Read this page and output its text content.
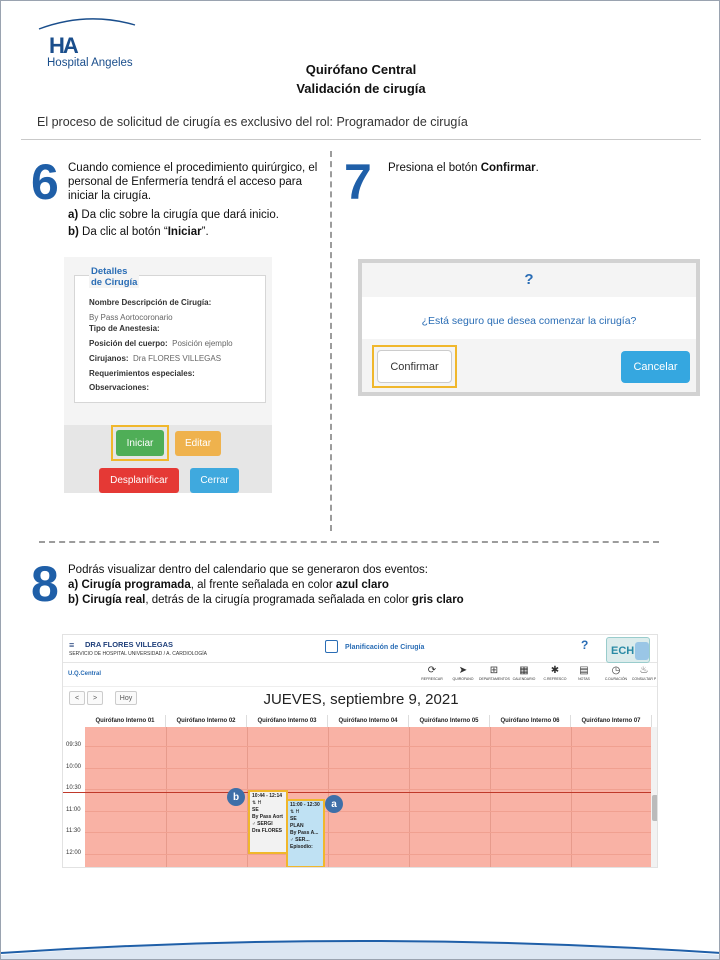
HA
Hospital Angeles	Quirófano Central
Validación de cirugía
El proceso de solicitud de cirugía es exclusivo del rol: Programador de cirugía
6 Cuando comience el procedimiento quirúrgico, el personal de Enfermería tendrá el acceso para iniciar la cirugía.
a) Da clic sobre la cirugía que dará inicio.
b) Da clic al botón “Iniciar”.
Detalles
de Cirugía
Nombre Descripción de Cirugía:
By Pass Aortocoronario
Tipo de Anestesia:
Posición del cuerpo: Posición ejemplo
Cirujanos: Dra FLORES VILLEGAS
Requerimientos especiales:
Observaciones:
Iniciar	Editar
Desplanificar	Cerrar
7 Presiona el botón Confirmar.
?
¿Está seguro que desea comenzar la cirugía?
Confirmar	Cancelar
8 Podrás visualizar dentro del calendario que se generaron dos eventos:
a) Cirugía programada, al frente señalada en color azul claro
b) Cirugía real, detrás de la cirugía programada señalada en color gris claro
≡ DRA FLORES VILLEGAS
SERVICIO DE HOSPITAL UNIVERSIDAD / A. CARDIOLOGÍA
Planificación de Cirugía	? ECH
U.Q.Central	⟳
REFRESCAR
➤
QUIROFANO
⊞
DEPARTAMENTOS
▦
CALENDARIO
✱
C.REFRESCO
▤
NOTAS
◷
C.DURACIÓN
♨
CONSULTAR P
<	>	Hoy	JUEVES, septiembre 9, 2021
Quirófano Interno 01	Quirófano Interno 02	Quirófano Interno 03	Quirófano Interno 04	Quirófano Interno 05	Quirófano Interno 06	Quirófano Interno 07
09:30
10:00
10:30
11:00
11:30
12:00
10:44 - 12:14
⇅ H
SE
By Pass Aort
♂ SERGI
Dra FLORES
b
11:00 - 12:30
⇅ H
SE
PLAN
By Pass A...
♂ SER...
Episodio:
a
